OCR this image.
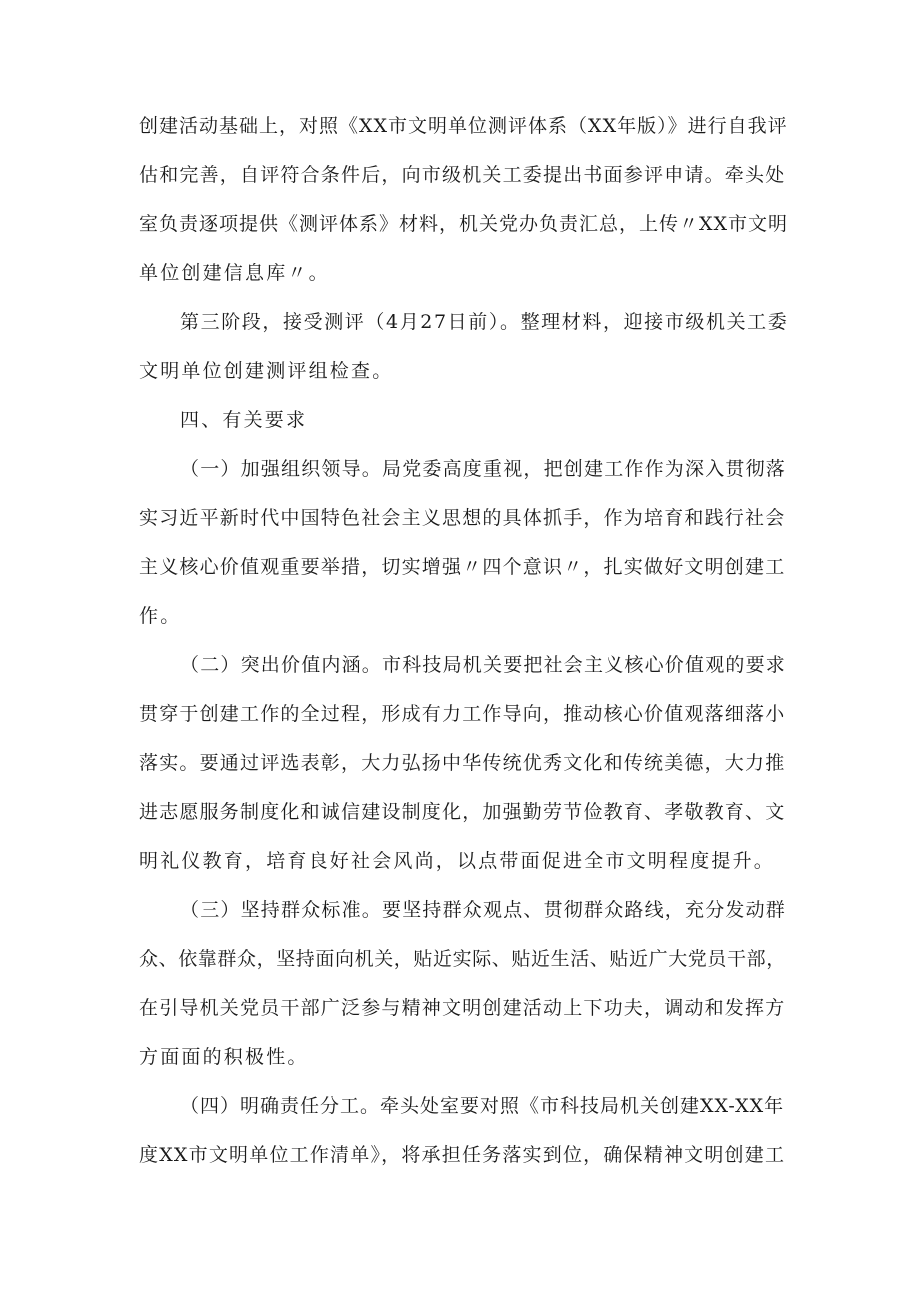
创建活动基础上，对照《XX市文明单位测评体系（XX年版）》进行自我评
估和完善，自评符合条件后，向市级机关工委提出书面参评申请。牵头处
室负责逐项提供《测评体系》材料，机关党办负责汇总，上传〃XX市文明
单位创建信息库〃。
第三阶段，接受测评（4月27日前）。整理材料，迎接市级机关工委
文明单位创建测评组检查。
四、有关要求
（一）加强组织领导。局党委高度重视，把创建工作作为深入贯彻落
实习近平新时代中国特色社会主义思想的具体抓手，作为培育和践行社会
主义核心价值观重要举措，切实增强〃四个意识〃，扎实做好文明创建工
作。
（二）突出价值内涵。市科技局机关要把社会主义核心价值观的要求
贯穿于创建工作的全过程，形成有力工作导向，推动核心价值观落细落小
落实。要通过评选表彰，大力弘扬中华传统优秀文化和传统美德，大力推
进志愿服务制度化和诚信建设制度化，加强勤劳节俭教育、孝敬教育、文
明礼仪教育，培育良好社会风尚，以点带面促进全市文明程度提升。
（三）坚持群众标准。要坚持群众观点、贯彻群众路线，充分发动群
众、依靠群众，坚持面向机关，贴近实际、贴近生活、贴近广大党员干部，
在引导机关党员干部广泛参与精神文明创建活动上下功夫，调动和发挥方
方面面的积极性。
（四）明确责任分工。牵头处室要对照《市科技局机关创建XX-XX年
度XX市文明单位工作清单》，将承担任务落实到位，确保精神文明创建工
